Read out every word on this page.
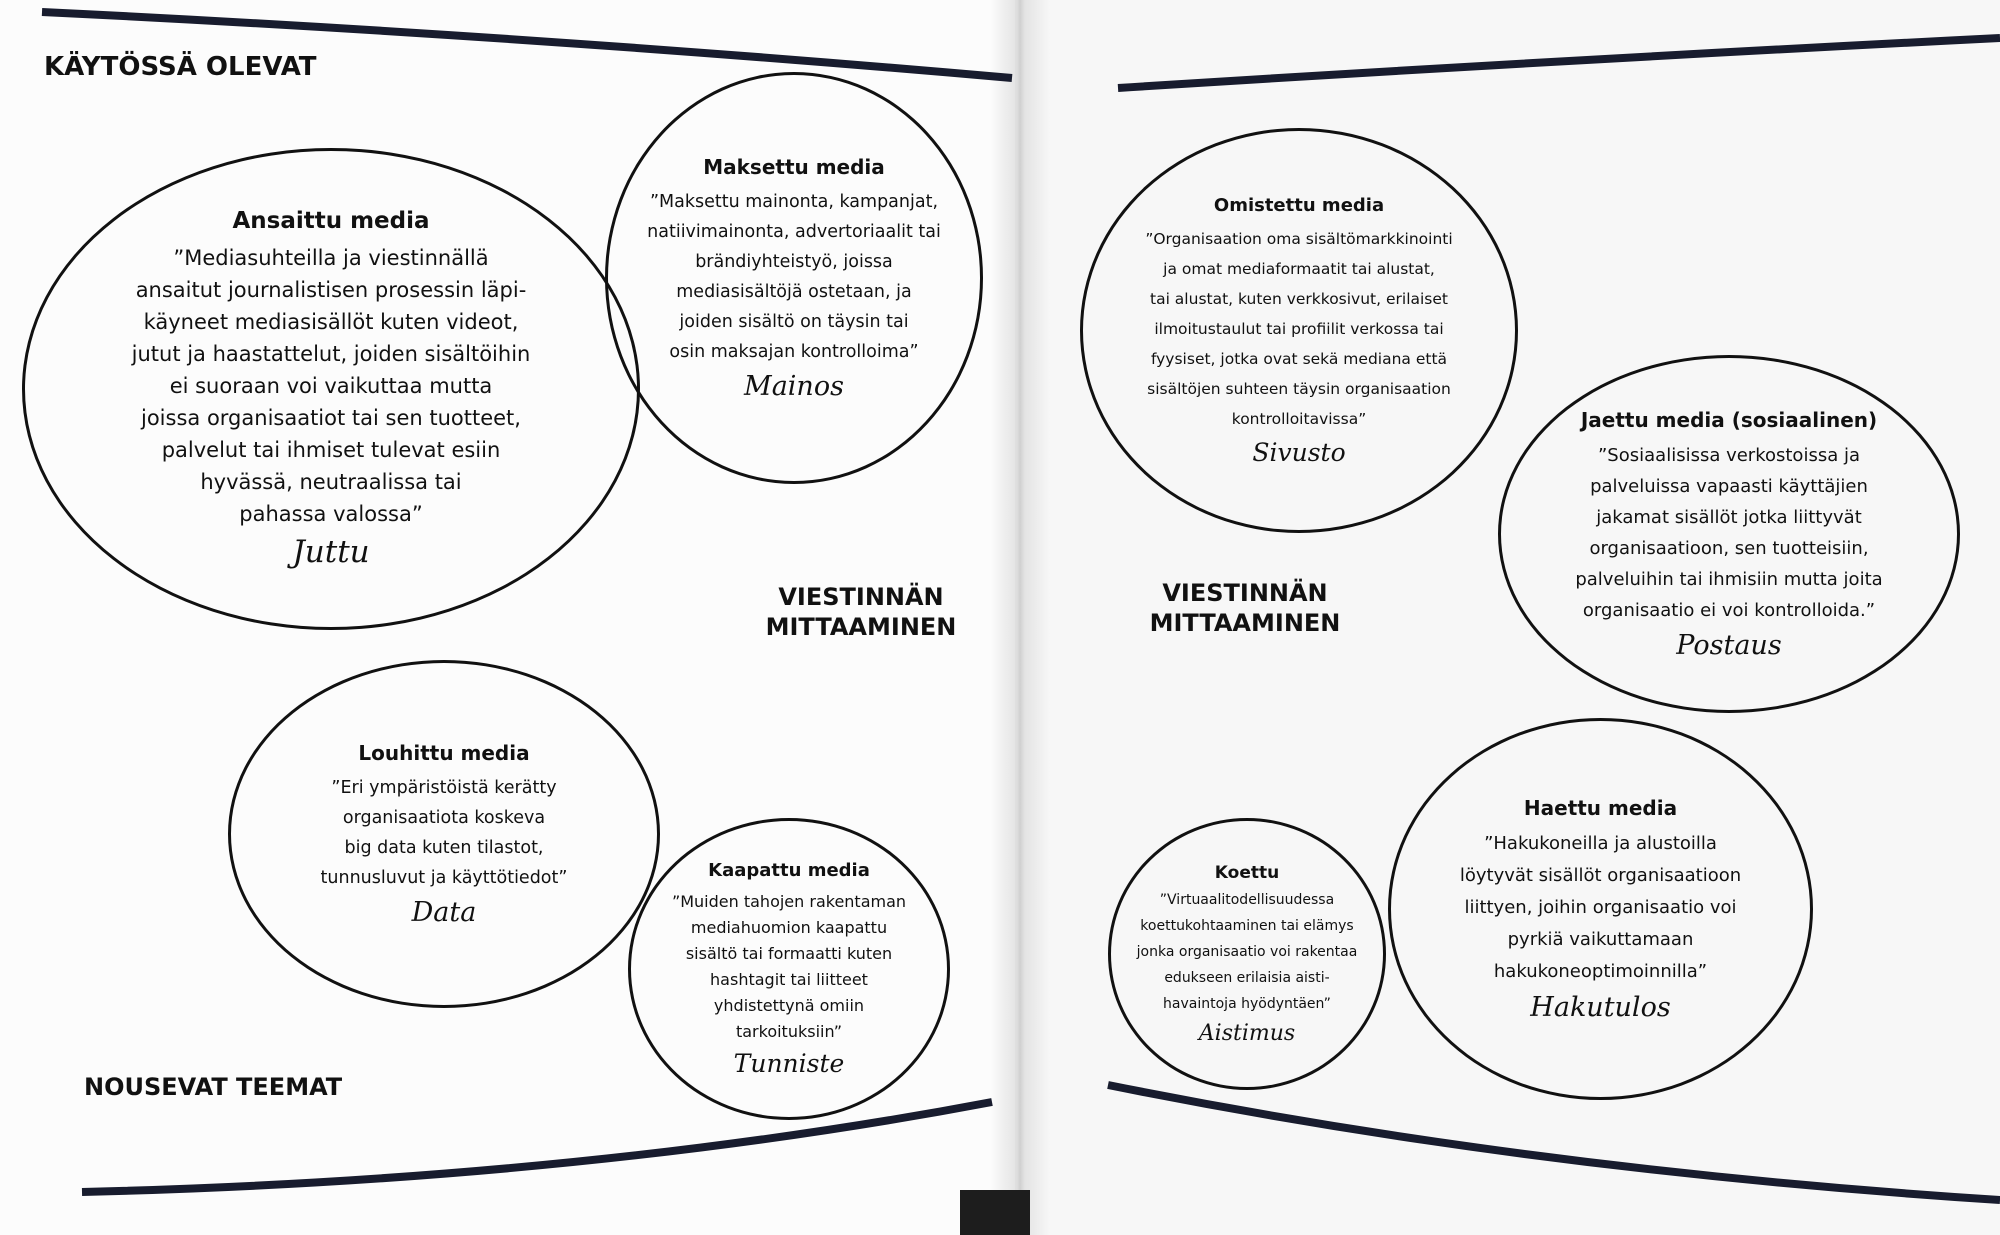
KÄYTÖSSÄ OLEVAT
NOUSEVAT TEEMAT
VIESTINNÄN
MITTAAMINEN
VIESTINNÄN
MITTAAMINEN
Ansaittu media
”Mediasuhteilla ja viestinnällä
ansaitut journalistisen prosessin läpi-
käyneet mediasisällöt kuten videot,
jutut ja haastattelut, joiden sisältöihin
ei suoraan voi vaikuttaa mutta
joissa organisaatiot tai sen tuotteet,
palvelut tai ihmiset tulevat esiin
hyvässä, neutraalissa tai
pahassa valossa”
Juttu
Maksettu media
”Maksettu mainonta, kampanjat,
natiivimainonta, advertoriaalit tai
brändiyhteistyö, joissa
mediasisältöjä ostetaan, ja
joiden sisältö on täysin tai
osin maksajan kontrolloima”
Mainos
Louhittu media
”Eri ympäristöistä kerätty
organisaatiota koskeva
big data kuten tilastot,
tunnusluvut ja käyttötiedot”
Data
Kaapattu media
”Muiden tahojen rakentaman
mediahuomion kaapattu
sisältö tai formaatti kuten
hashtagit tai liitteet
yhdistettynä omiin
tarkoituksiin”
Tunniste
Omistettu media
”Organisaation oma sisältömarkkinointi
ja omat mediaformaatit tai alustat,
tai alustat, kuten verkkosivut, erilaiset
ilmoitustaulut tai profiilit verkossa tai
fyysiset, jotka ovat sekä mediana että
sisältöjen suhteen täysin organisaation
kontrolloitavissa”
Sivusto
Jaettu media (sosiaalinen)
”Sosiaalisissa verkostoissa ja
palveluissa vapaasti käyttäjien
jakamat sisällöt jotka liittyvät
organisaatioon, sen tuotteisiin,
palveluihin tai ihmisiin mutta joita
organisaatio ei voi kontrolloida.”
Postaus
Koettu
”Virtuaalitodellisuudessa
koettukohtaaminen tai elämys
jonka organisaatio voi rakentaa
edukseen erilaisia aisti-
havaintoja hyödyntäen”
Aistimus
Haettu media
”Hakukoneilla ja alustoilla
löytyvät sisällöt organisaatioon
liittyen, joihin organisaatio voi
pyrkiä vaikuttamaan
hakukoneoptimoinnilla”
Hakutulos
